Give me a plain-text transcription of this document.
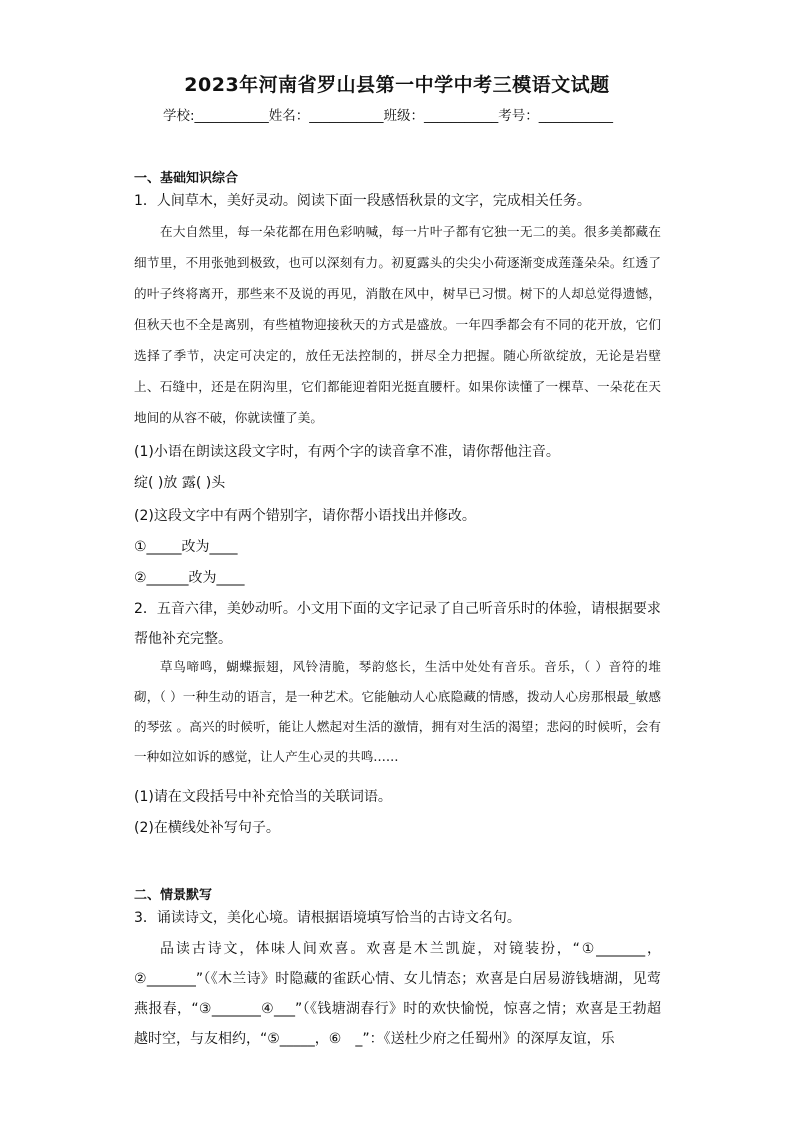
2023年河南省罗山县第一中学中考三模语文试题
学校:___________姓名：___________班级：___________考号：___________
一、基础知识综合
1．人间草木，美好灵动。阅读下面一段感悟秋景的文字，完成相关任务。

在大自然里，每一朵花都在用色彩呐喊，每一片叶子都有它独一无二的美。很多美都藏在细节里，不用张弛到极致，也可以深刻有力。初夏露头的尖尖小荷逐渐变成莲蓬朵朵。红透了的叶子终将离开，那些来不及说的再见，消散在风中，树早已习惯。树下的人却总觉得遗憾，但秋天也不全是离别，有些植物迎接秋天的方式是盛放。一年四季都会有不同的花开放，它们选择了季节，决定可决定的，放任无法控制的，拼尽全力把握。随心所欲绽放，无论是岩壁上、石缝中，还是在阴沟里，它们都能迎着阳光挺直腰杆。如果你读懂了一棵草、一朵花在天地间的从容不破，你就读懂了美。

(1)小语在朗读这段文字时，有两个字的读音拿不准，请你帮他注音。
绽( )放 露( )头
(2)这段文字中有两个错别字，请你帮小语找出并修改。
①_____改为____
②______改为____
2．五音六律，美妙动听。小文用下面的文字记录了自己听音乐时的体验，请根据要求
帮他补充完整。

草鸟啼鸣，蝴蝶振翅，风铃清脆，琴韵悠长，生活中处处有音乐。音乐，（ ）音符的堆砌，（ ）一种生动的语言，是一种艺术。它能触动人心底隐藏的情感，拨动人心房那根最_敏感的琴弦 。高兴的时候听，能让人燃起对生活的激情，拥有对生活的渴望；悲闷的时候听，会有一种如泣如诉的感觉，让人产生心灵的共鸣……

(1)请在文段括号中补充恰当的关联词语。
(2)在横线处补写句子。
二、情景默写
3．诵读诗文，美化心境。请根据语境填写恰当的古诗文名句。

品读古诗文，体味人间欢喜。欢喜是木兰凯旋，对镜装扮，“①_______，②_______”（《木兰诗》时隐藏的雀跃心情、女儿情态；欢喜是白居易游钱塘湖，见莺燕报春，“③_______④___”（《钱塘湖春行》时的欢快愉悦，惊喜之情；欢喜是王勃超越时空，与友相约，“⑤_____，⑥　_”：《送杜少府之任蜀州》的深厚友谊，乐
